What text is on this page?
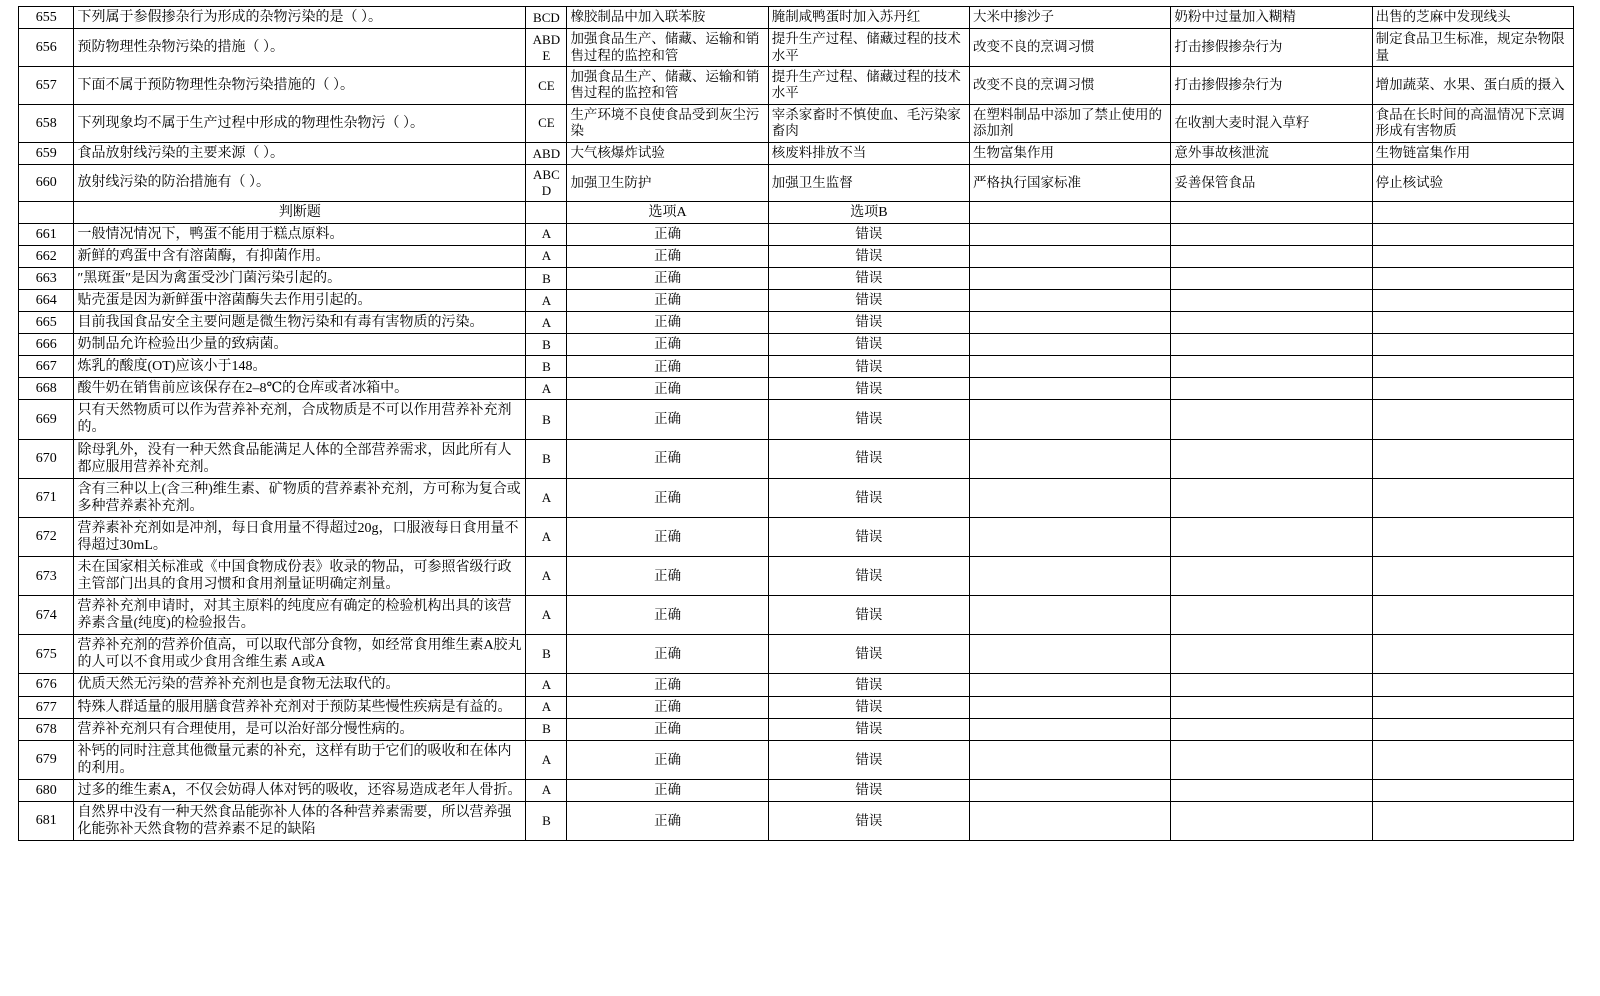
655	下列属于参假掺杂行为形成的杂物污染的是（ ）。	BCD	橡胶制品中加入联苯胺	腌制咸鸭蛋时加入苏丹红	大米中掺沙子	奶粉中过量加入糊精	出售的芝麻中发现线头
656	预防物理性杂物污染的措施（ ）。	ABDE	加强食品生产、储藏、运输和销售过程的监控和管	提升生产过程、储藏过程的技术水平	改变不良的烹调习惯	打击掺假掺杂行为	制定食品卫生标准，规定杂物限量
657	下面不属于预防物理性杂物污染措施的（ ）。	CE	加强食品生产、储藏、运输和销售过程的监控和管	提升生产过程、储藏过程的技术水平	改变不良的烹调习惯	打击掺假掺杂行为	增加蔬菜、水果、蛋白质的摄入
658	下列现象均不属于生产过程中形成的物理性杂物污（ ）。	CE	生产环境不良使食品受到灰尘污染	宰杀家畜时不慎使血、毛污染家畜肉	在塑料制品中添加了禁止使用的添加剂	在收割大麦时混入草籽	食品在长时间的高温情况下烹调形成有害物质
659	食品放射线污染的主要来源（ ）。	ABD	大气核爆炸试验	核废料排放不当	生物富集作用	意外事故核泄流	生物链富集作用
660	放射线污染的防治措施有（ ）。	ABCD	加强卫生防护	加强卫生监督	严格执行国家标准	妥善保管食品	停止核试验
	判断题		选项A	选项B			
661	一般情况情况下，鸭蛋不能用于糕点原料。	A	正确	错误			
662	新鲜的鸡蛋中含有溶菌酶，有抑菌作用。	A	正确	错误			
663	″黑斑蛋″是因为禽蛋受沙门菌污染引起的。	B	正确	错误			
664	贴壳蛋是因为新鲜蛋中溶菌酶失去作用引起的。	A	正确	错误			
665	目前我国食品安全主要问题是微生物污染和有毒有害物质的污染。	A	正确	错误			
666	奶制品允许检验出少量的致病菌。	B	正确	错误			
667	炼乳的酸度(OT)应该小于148。	B	正确	错误			
668	酸牛奶在销售前应该保存在2–8℃的仓库或者冰箱中。	A	正确	错误			
669	只有天然物质可以作为营养补充剂，合成物质是不可以作用营养补充剂的。	B	正确	错误			
670	除母乳外，没有一种天然食品能满足人体的全部营养需求，因此所有人都应服用营养补充剂。	B	正确	错误			
671	含有三种以上(含三种)维生素、矿物质的营养素补充剂，方可称为复合或多种营养素补充剂。	A	正确	错误			
672	营养素补充剂如是冲剂，每日食用量不得超过20g，口服液每日食用量不得超过30mL。	A	正确	错误			
673	未在国家相关标准或《中国食物成份表》收录的物品，可参照省级行政主管部门出具的食用习惯和食用剂量证明确定剂量。	A	正确	错误			
674	营养补充剂申请时，对其主原料的纯度应有确定的检验机构出具的该营养素含量(纯度)的检验报告。	A	正确	错误			
675	营养补充剂的营养价值高，可以取代部分食物，如经常食用维生素A胶丸的人可以不食用或少食用含维生素 A或A	B	正确	错误			
676	优质天然无污染的营养补充剂也是食物无法取代的。	A	正确	错误			
677	特殊人群适量的服用膳食营养补充剂对于预防某些慢性疾病是有益的。	A	正确	错误			
678	营养补充剂只有合理使用，是可以治好部分慢性病的。	B	正确	错误			
679	补钙的同时注意其他微量元素的补充，这样有助于它们的吸收和在体内的利用。	A	正确	错误			
680	过多的维生素A，不仅会妨碍人体对钙的吸收，还容易造成老年人骨折。	A	正确	错误			
681	自然界中没有一种天然食品能弥补人体的各种营养素需要，所以营养强化能弥补天然食物的营养素不足的缺陷	B	正确	错误			
